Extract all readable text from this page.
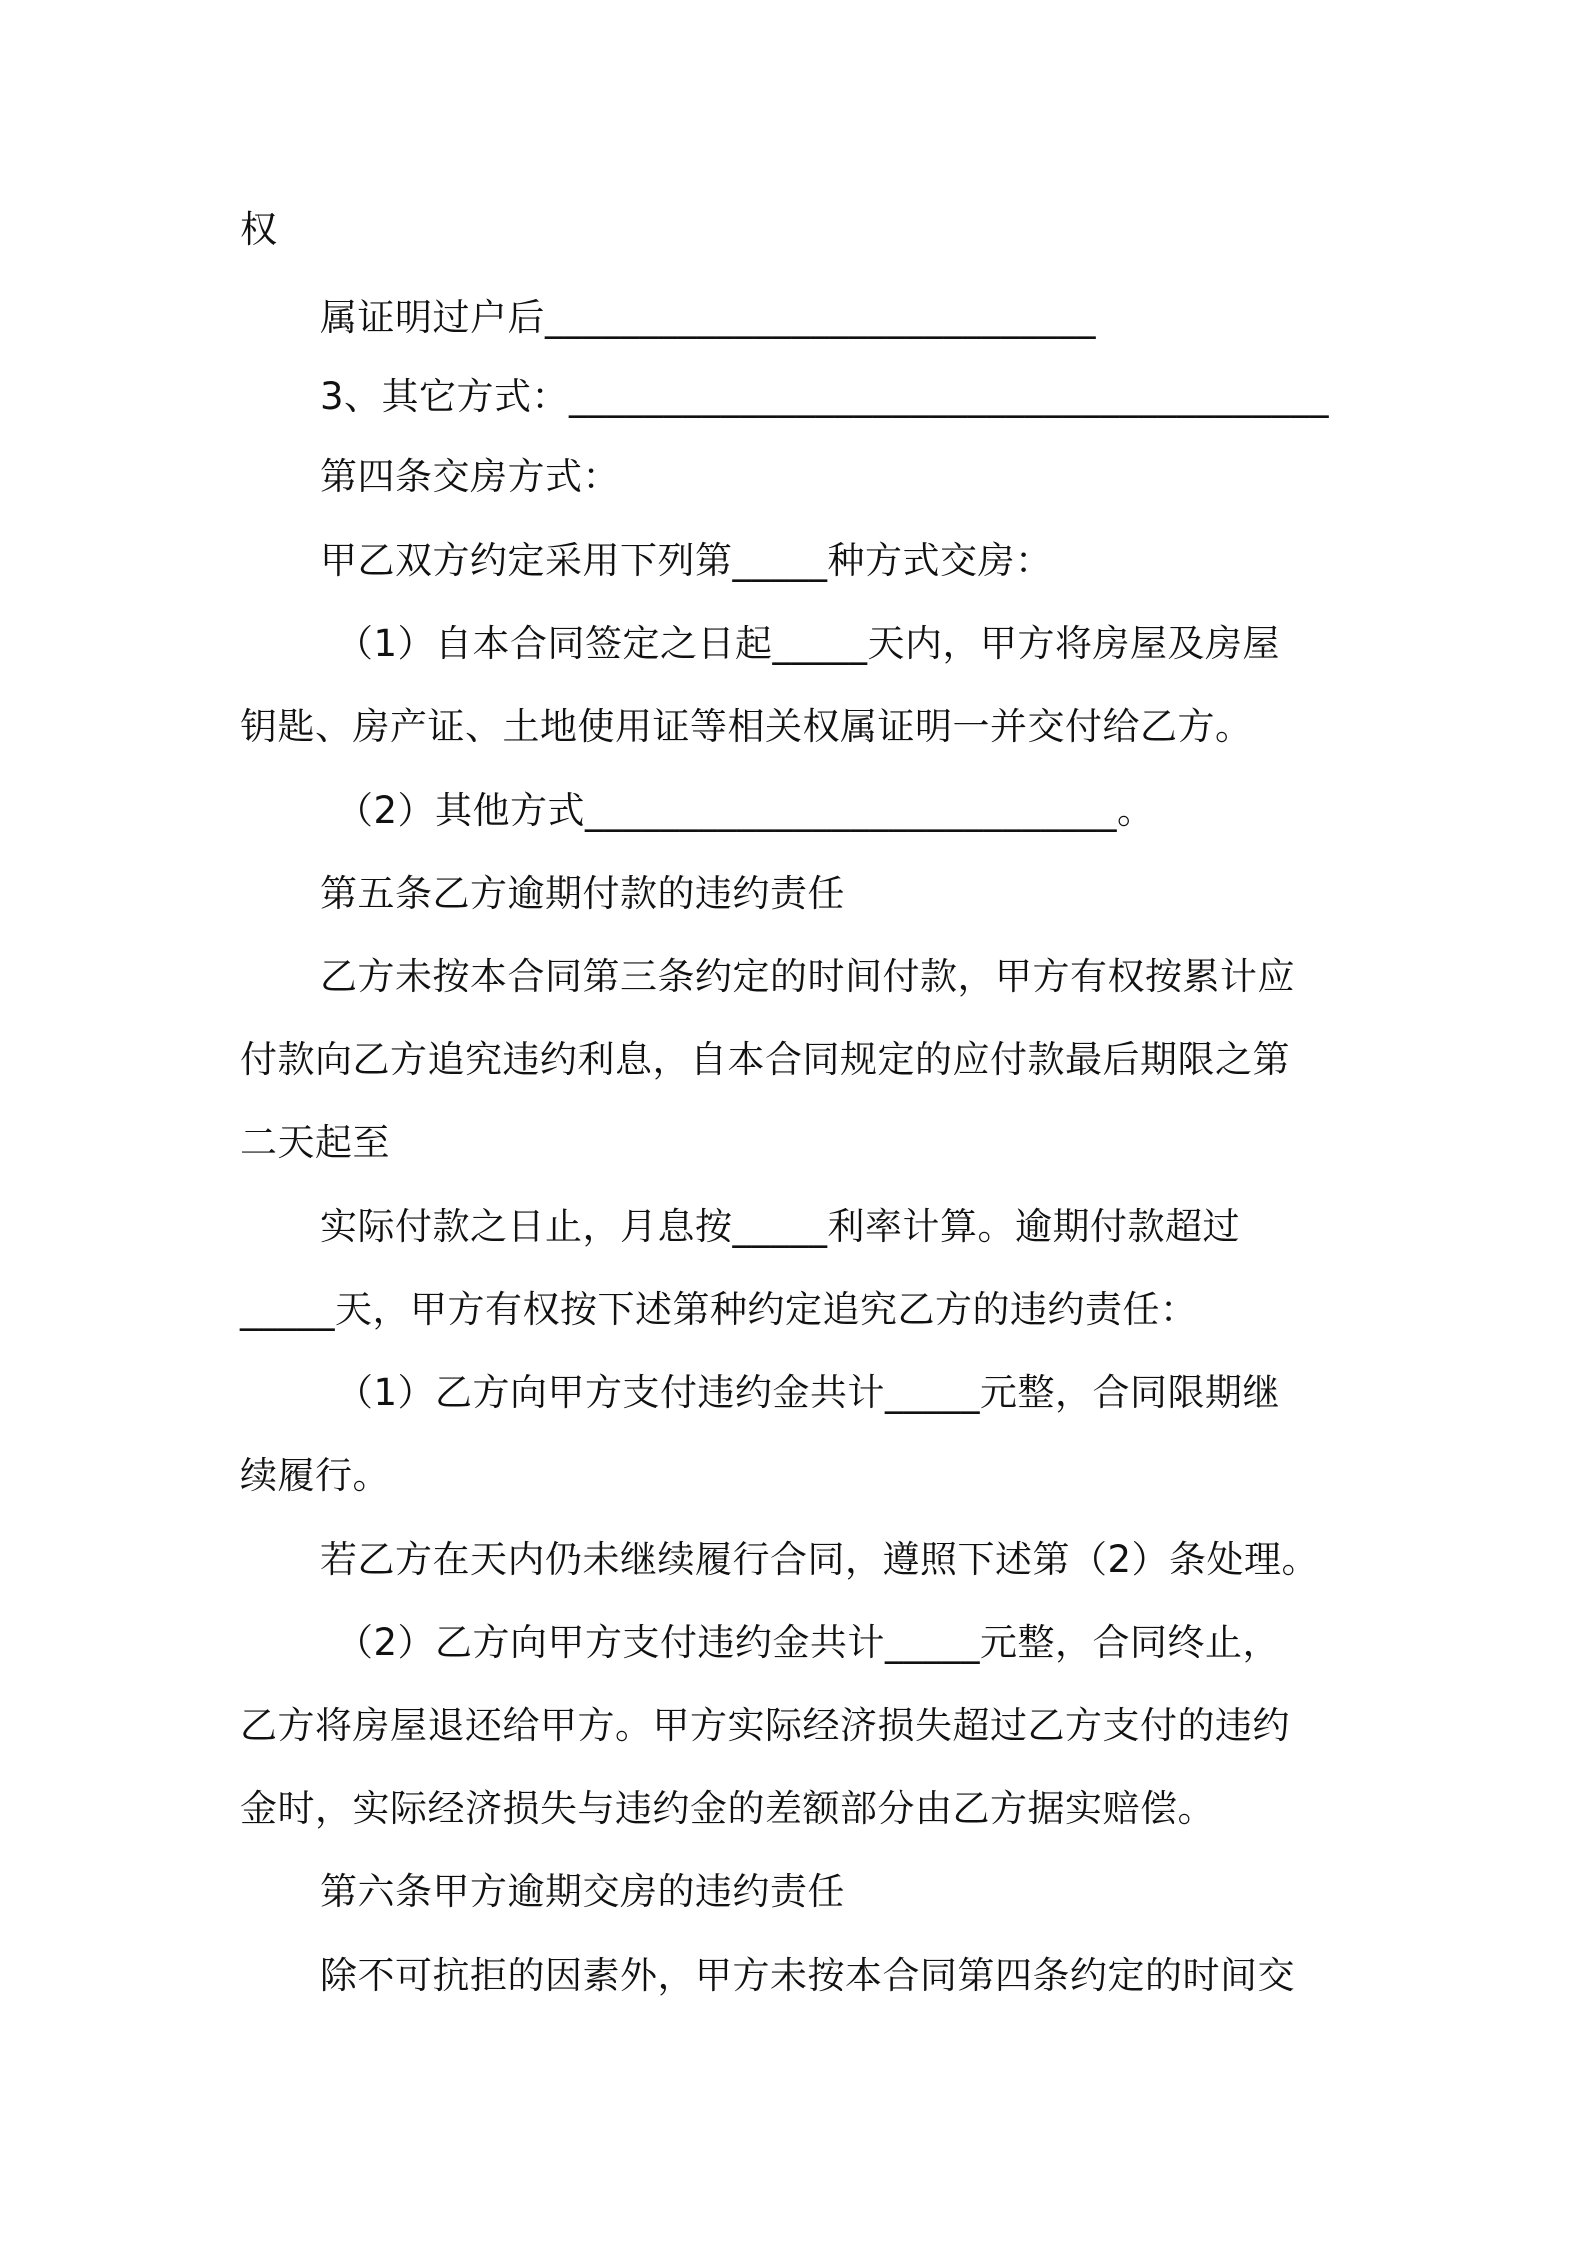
权
属证明过户后_____________________________
3、其它方式：________________________________________
第四条交房方式：
甲乙双方约定采用下列第_____种方式交房：
（1）自本合同签定之日起_____天内，甲方将房屋及房屋
钥匙、房产证、土地使用证等相关权属证明一并交付给乙方。
（2）其他方式____________________________。
第五条乙方逾期付款的违约责任
乙方未按本合同第三条约定的时间付款，甲方有权按累计应
付款向乙方追究违约利息，自本合同规定的应付款最后期限之第
二天起至
实际付款之日止，月息按_____利率计算。逾期付款超过
_____天，甲方有权按下述第种约定追究乙方的违约责任：
（1）乙方向甲方支付违约金共计_____元整，合同限期继
续履行。
若乙方在天内仍未继续履行合同，遵照下述第（2）条处理。
（2）乙方向甲方支付违约金共计_____元整，合同终止，
乙方将房屋退还给甲方。甲方实际经济损失超过乙方支付的违约
金时，实际经济损失与违约金的差额部分由乙方据实赔偿。
第六条甲方逾期交房的违约责任
除不可抗拒的因素外，甲方未按本合同第四条约定的时间交
